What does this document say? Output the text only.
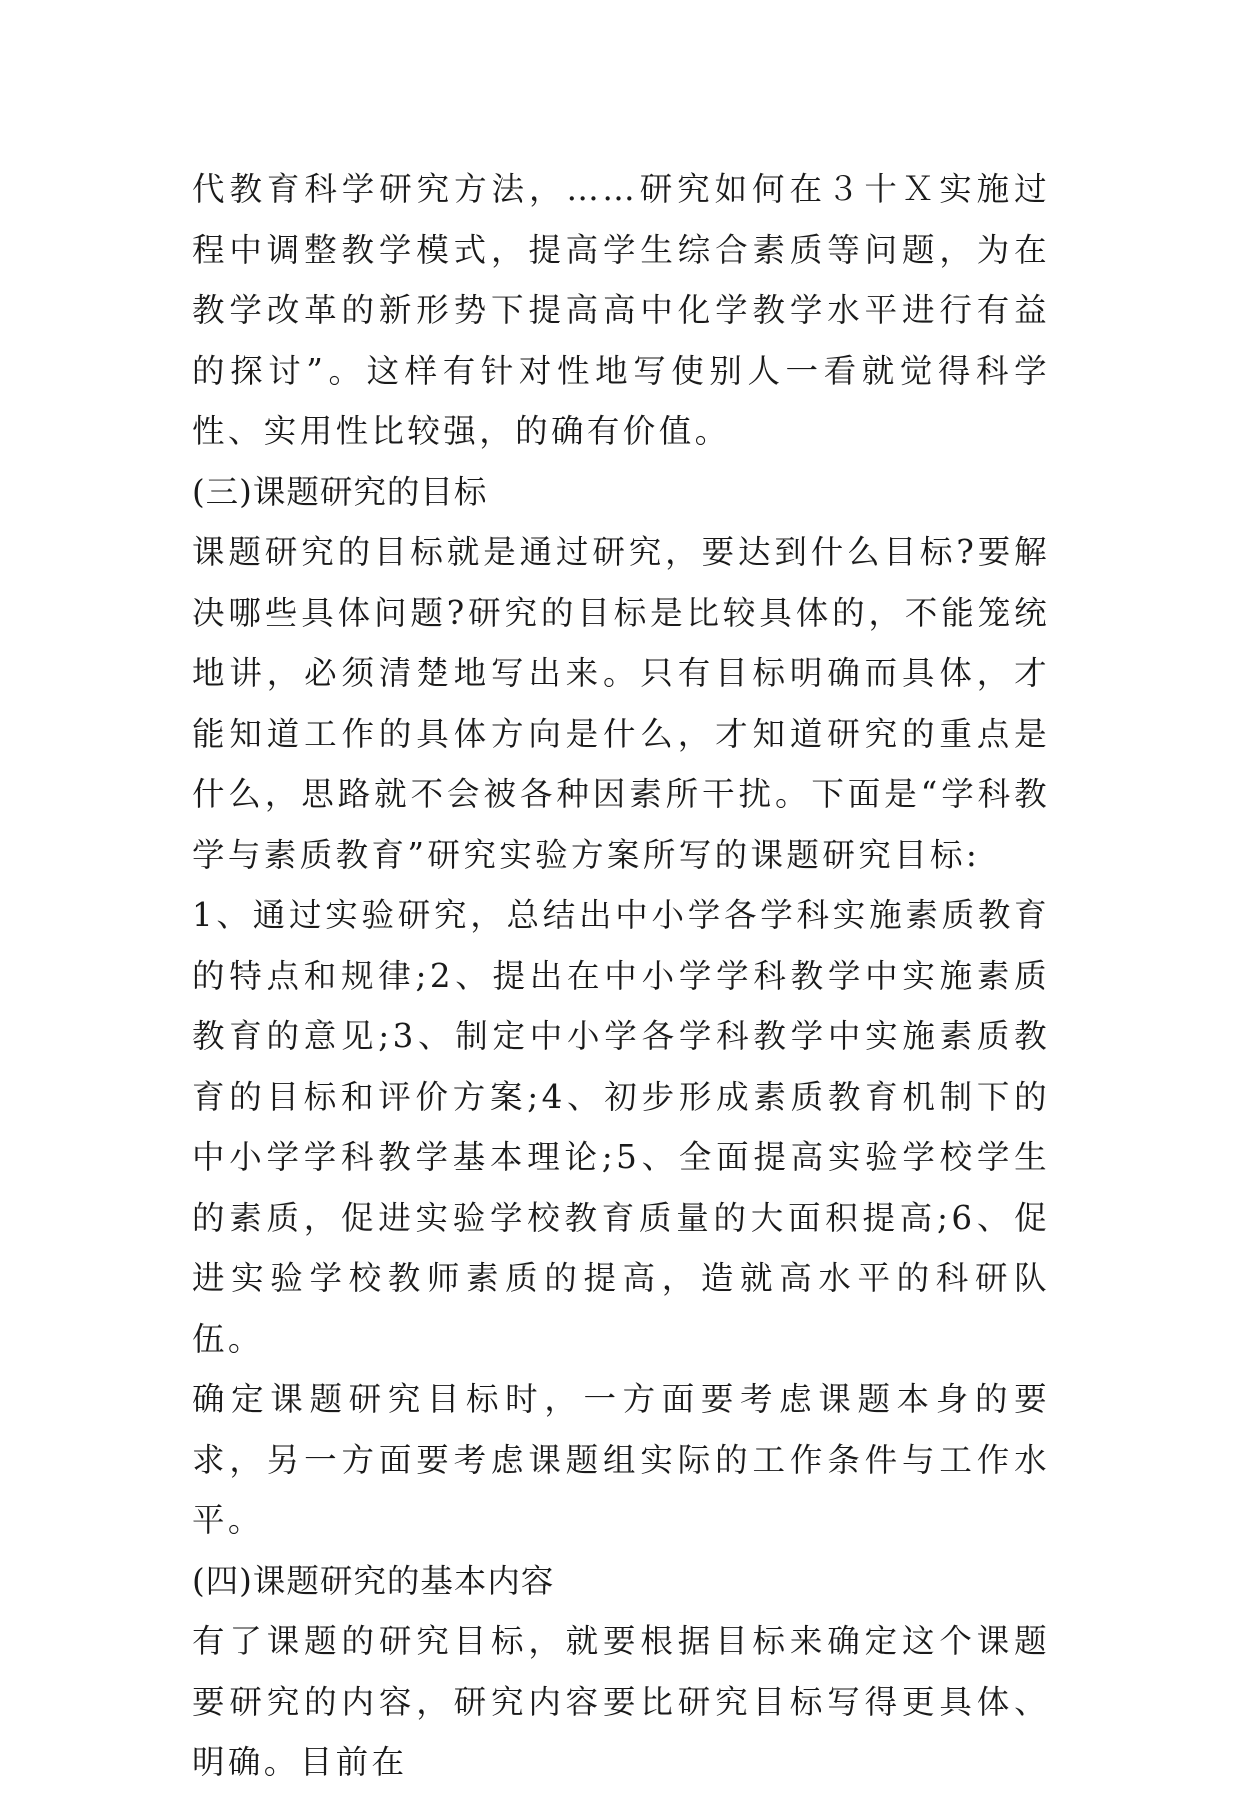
代教育科学研究方法，……研究如何在３十Ｘ实施过程中调整教学模式，提高学生综合素质等问题，为在教学改革的新形势下提高高中化学教学水平进行有益的探讨”。这样有针对性地写使别人一看就觉得科学性、实用性比较强，的确有价值。

(三)课题研究的目标

课题研究的目标就是通过研究，要达到什么目标?要解决哪些具体问题?研究的目标是比较具体的，不能笼统地讲，必须清楚地写出来。只有目标明确而具体，才能知道工作的具体方向是什么，才知道研究的重点是什么，思路就不会被各种因素所干扰。下面是“学科教学与素质教育”研究实验方案所写的课题研究目标:

1、通过实验研究，总结出中小学各学科实施素质教育的特点和规律;2、提出在中小学学科教学中实施素质教育的意见;3、制定中小学各学科教学中实施素质教育的目标和评价方案;4、初步形成素质教育机制下的中小学学科教学基本理论;5、全面提高实验学校学生的素质，促进实验学校教育质量的大面积提高;6、促进实验学校教师素质的提高，造就高水平的科研队伍。

确定课题研究目标时，一方面要考虑课题本身的要求，另一方面要考虑课题组实际的工作条件与工作水平。

(四)课题研究的基本内容

有了课题的研究目标，就要根据目标来确定这个课题要研究的内容，研究内容要比研究目标写得更具体、明确。目前在
